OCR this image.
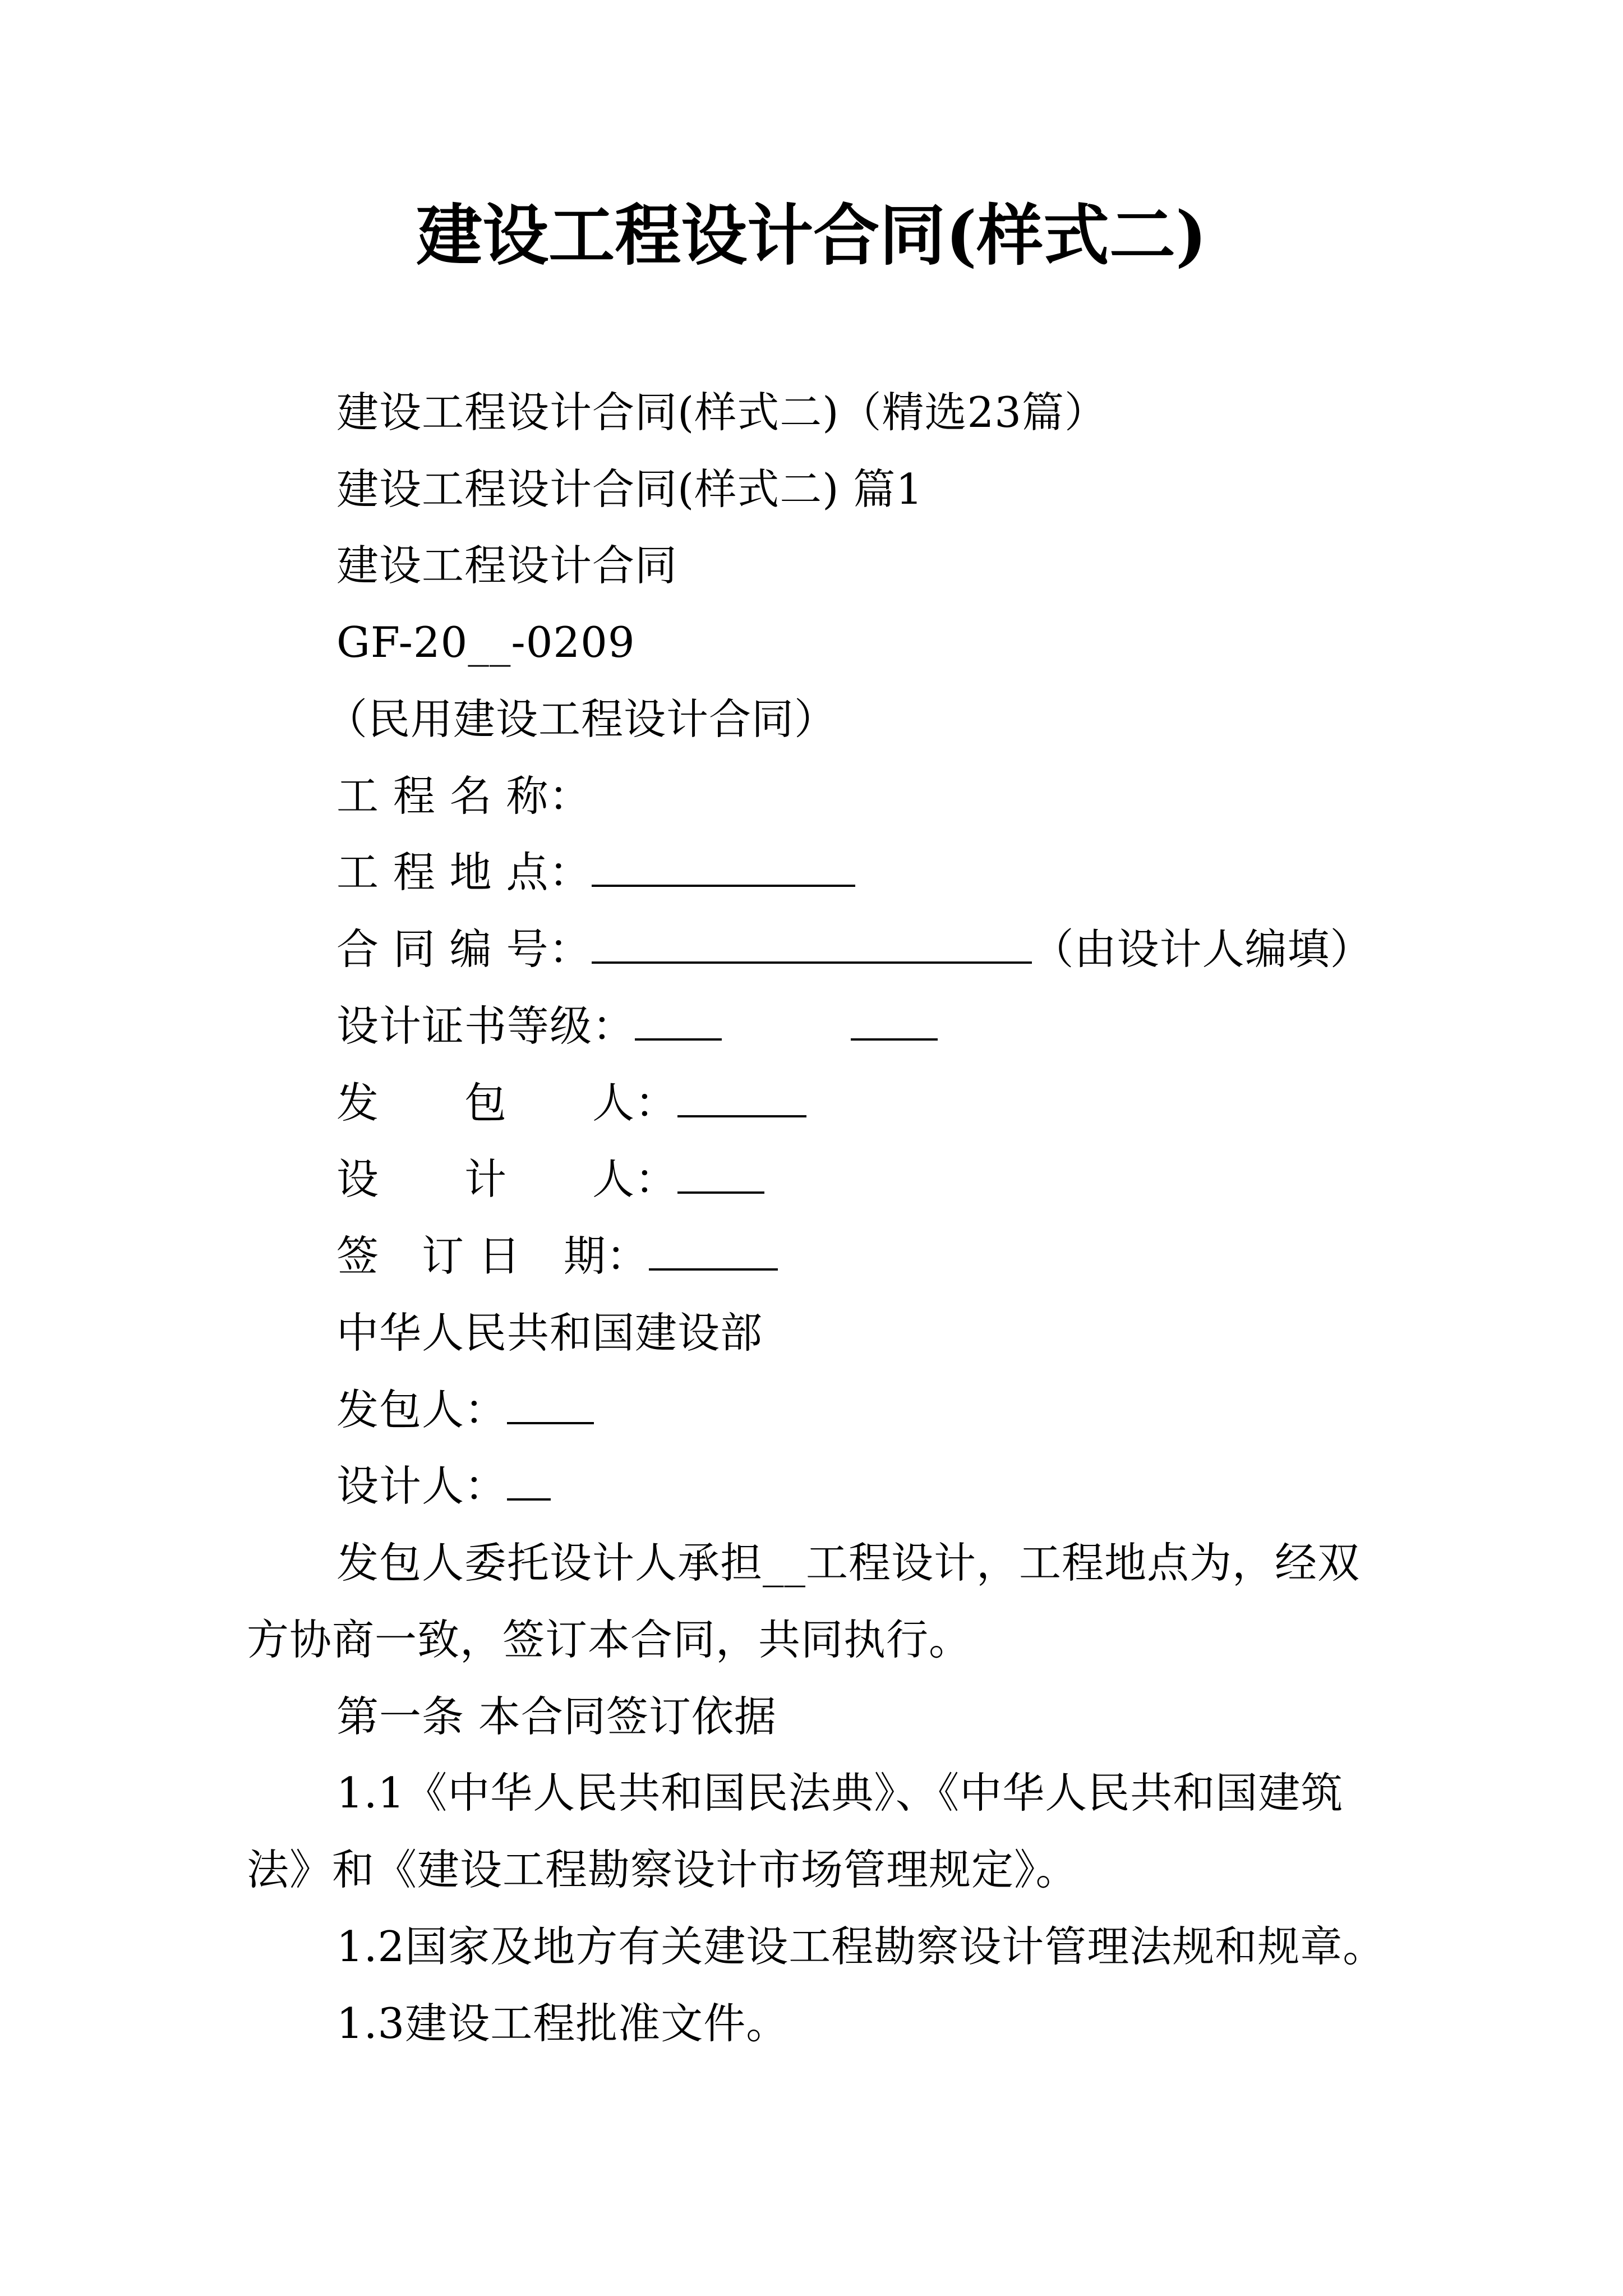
建设工程设计合同(样式二)
建设工程设计合同(样式二)（精选23篇）
建设工程设计合同(样式二) 篇1
建设工程设计合同
GF-20__-0209
（民用建设工程设计合同）
工 程 名 称：
工 程 地 点：
合 同 编 号：	（由设计人编填）
设计证书等级：
发　　包　　人：
设　　计　　人：
签　订 日　期：
中华人民共和国建设部
发包人：
设计人：
发包人委托设计人承担__工程设计，工程地点为，经双
方协商一致，签订本合同，共同执行。
第一条 本合同签订依据
1.1《中华人民共和国民法典》、《中华人民共和国建筑
法》和《建设工程勘察设计市场管理规定》。
1.2国家及地方有关建设工程勘察设计管理法规和规章。
1.3建设工程批准文件。
